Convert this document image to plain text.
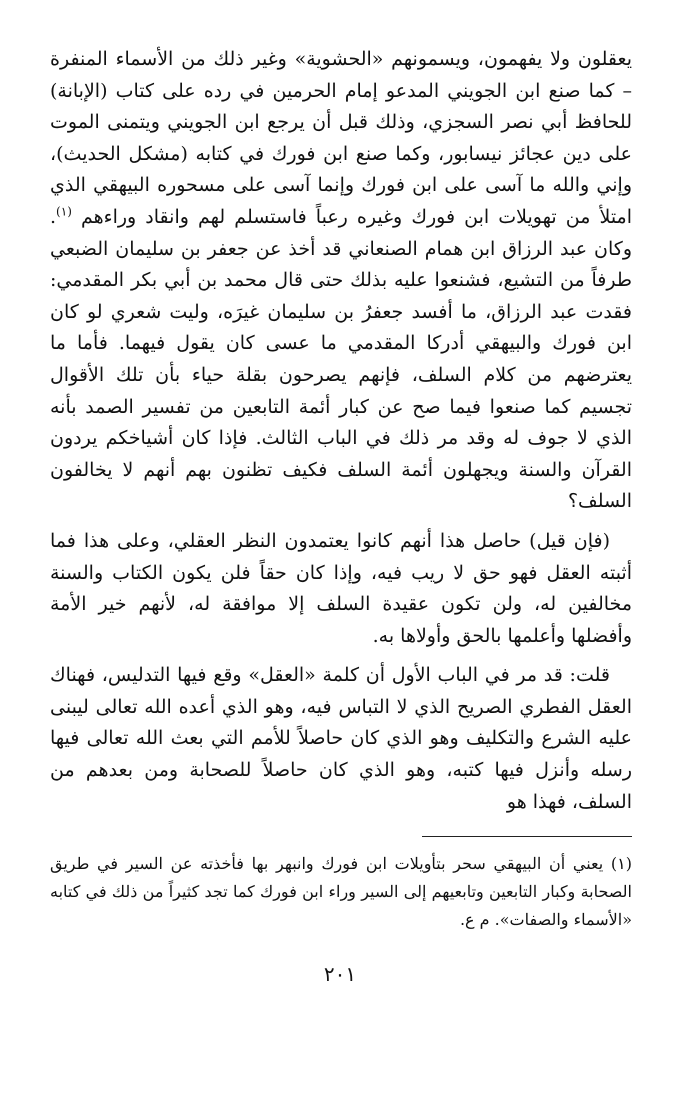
يعقلون ولا يفهمون، ويسمونهم «الحشوية» وغير ذلك من الأسماء المنفرة – كما صنع ابن الجويني المدعو إمام الحرمين في رده على كتاب (الإبانة) للحافظ أبي نصر السجزي، وذلك قبل أن يرجع ابن الجويني ويتمنى الموت على دين عجائز نيسابور، وكما صنع ابن فورك في كتابه (مشكل الحديث)، وإني والله ما آسى على ابن فورك وإنما آسى على مسحوره البيهقي الذي امتلأ من تهويلات ابن فورك وغيره رعباً فاستسلم لهم وانقاد وراءهم $^{(١)}$. وكان عبد الرزاق ابن همام الصنعاني قد أخذ عن جعفر بن سليمان الضبعي طرفاً من التشيع، فشنعوا عليه بذلك حتى قال محمد بن أبي بكر المقدمي: فقدت عبد الرزاق، ما أفسد جعفرُ بن سليمان غيرَه، وليت شعري لو كان ابن فورك والبيهقي أدركا المقدمي ما عسى كان يقول فيهما. فأما ما يعترضهم من كلام السلف، فإنهم يصرحون بقلة حياء بأن تلك الأقوال تجسيم كما صنعوا فيما صح عن كبار أئمة التابعين من تفسير الصمد بأنه الذي لا جوف له وقد مر ذلك في الباب الثالث. فإذا كان أشياخكم يردون القرآن والسنة ويجهلون أئمة السلف فكيف تظنون بهم أنهم لا يخالفون السلف؟

(فإن قيل) حاصل هذا أنهم كانوا يعتمدون النظر العقلي، وعلى هذا فما أثبته العقل فهو حق لا ريب فيه، وإذا كان حقاً فلن يكون الكتاب والسنة مخالفين له، ولن تكون عقيدة السلف إلا موافقة له، لأنهم خير الأمة وأفضلها وأعلمها بالحق وأولاها به.

قلت: قد مر في الباب الأول أن كلمة «العقل» وقع فيها التدليس، فهناك العقل الفطري الصريح الذي لا التباس فيه، وهو الذي أعده الله تعالى ليبنى عليه الشرع والتكليف وهو الذي كان حاصلاً للأمم التي بعث الله تعالى فيها رسله وأنزل فيها كتبه، وهو الذي كان حاصلاً للصحابة ومن بعدهم من السلف، فهذا هو

(١) يعني أن البيهقي سحر بتأويلات ابن فورك وانبهر بها فأخذته عن السير في طريق الصحابة وكبار التابعين وتابعيهم إلى السير وراء ابن فورك كما تجد كثيراً من ذلك في كتابه «الأسماء والصفات». م ع.

٢٠١
